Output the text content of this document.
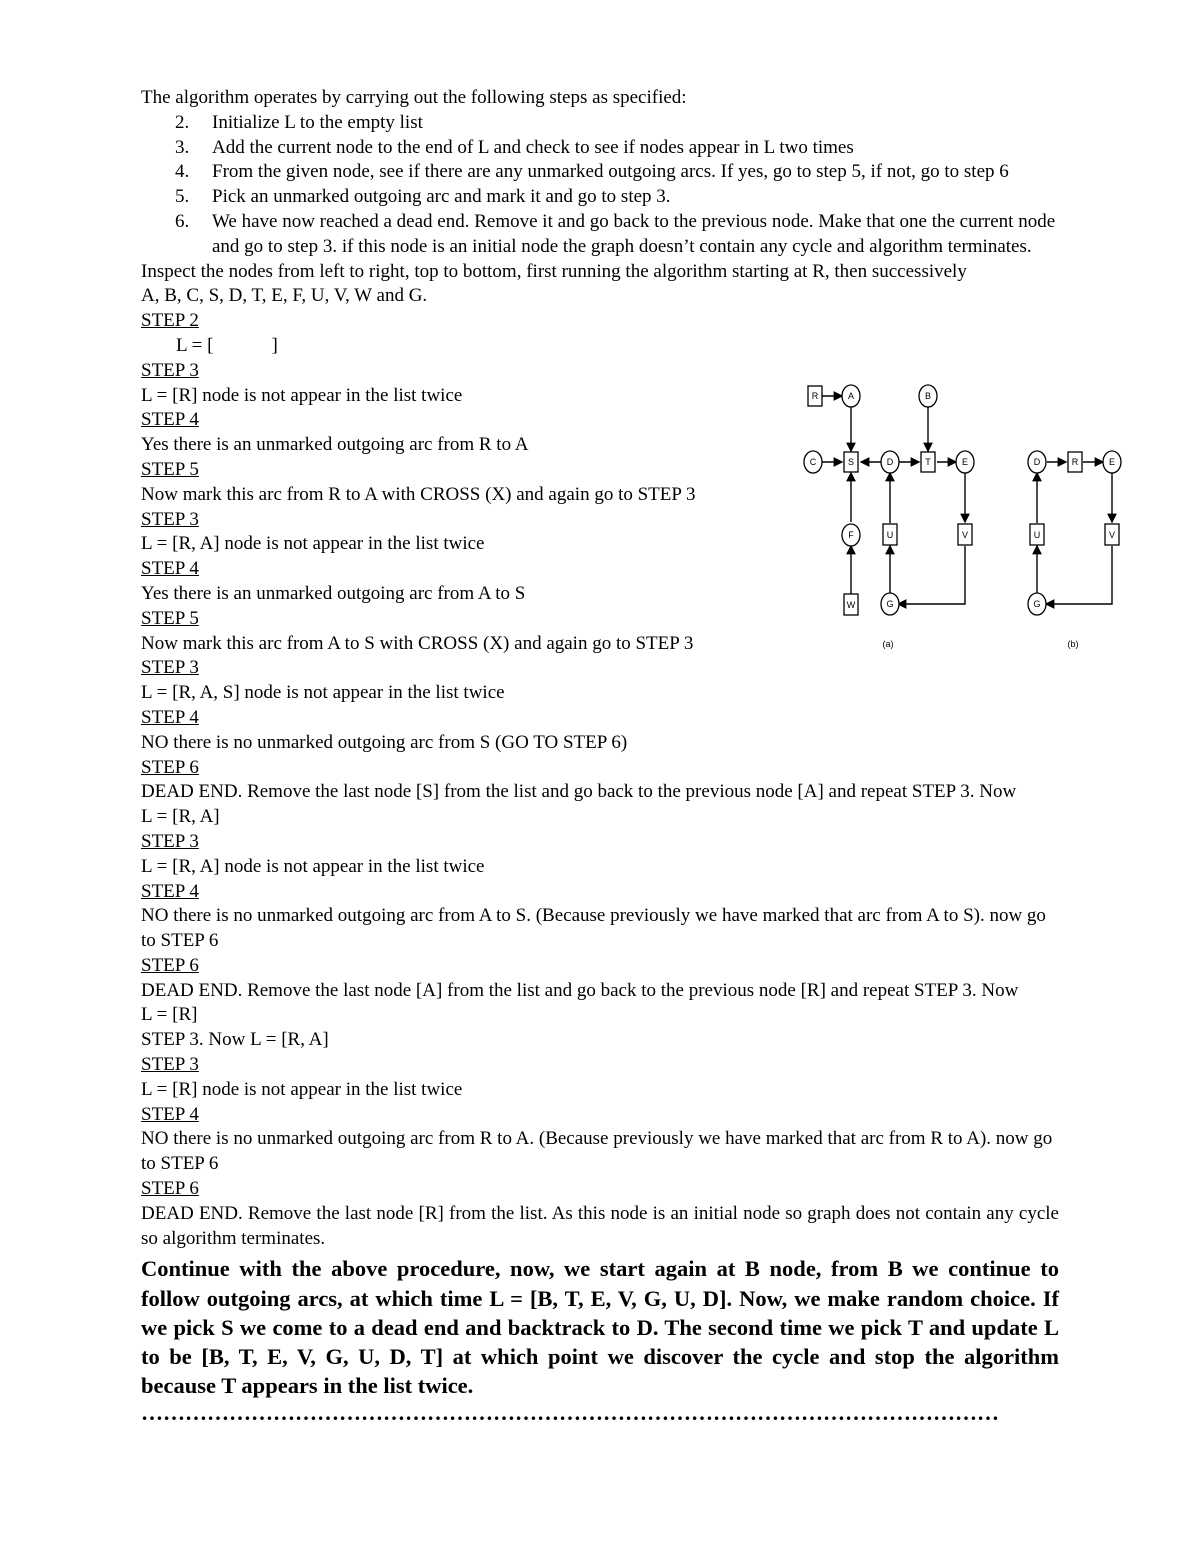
The algorithm operates by carrying out the following steps as specified:
2. Initialize L to the empty list
3. Add the current node to the end of L and check to see if nodes appear in L two times
4. From the given node, see if there are any unmarked outgoing arcs. If yes, go to step 5, if not, go to step 6
5. Pick an unmarked outgoing arc and mark it and go to step 3.
6. We have now reached a dead end. Remove it and go back to the previous node. Make that one the current node and go to step 3. if this node is an initial node the graph doesn’t contain any cycle and algorithm terminates.
Inspect the nodes from left to right, top to bottom, first running the algorithm starting at R, then successively A, B, C, S, D, T, E, F, U, V, W and G.
STEP 2
L = [	]
STEP 3
L = [R] node is not appear in the list twice
STEP 4
Yes there is an unmarked outgoing arc from R to A
STEP 5
Now mark this arc from R to A with CROSS (X) and again go to STEP 3
STEP 3
L = [R, A] node is not appear in the list twice
STEP 4
Yes there is an unmarked outgoing arc from A to S
STEP 5
Now mark this arc from A to S with CROSS (X) and again go to STEP 3
STEP 3
L = [R, A, S] node is not appear in the list twice
STEP 4
NO there is no unmarked outgoing arc from S (GO TO STEP 6)
STEP 6
DEAD END. Remove the last node [S] from the list and go back to the previous node [A] and repeat STEP 3. Now L = [R, A]
STEP 3
L = [R, A] node is not appear in the list twice
STEP 4
NO there is no unmarked outgoing arc from A to S. (Because previously we have marked that arc from A to S). now go to STEP 6
STEP 6
DEAD END. Remove the last node [A] from the list and go back to the previous node [R] and repeat STEP 3. Now L = [R]
STEP 3. Now L = [R, A]
STEP 3
L = [R] node is not appear in the list twice
STEP 4
NO there is no unmarked outgoing arc from R to A. (Because previously we have marked that arc from R to A). now go to STEP 6
STEP 6
DEAD END. Remove the last node [R] from the list. As this node is an initial node so graph does not contain any cycle so algorithm terminates.
Continue with the above procedure, now, we start again at B node, from B we continue to follow outgoing arcs, at which time L = [B, T, E, V, G, U, D]. Now, we make random choice. If we pick S we come to a dead end and backtrack to D. The second time we pick T and update L to be [B, T, E, V, G, U, D, T] at which point we discover the cycle and stop the algorithm because T appears in the list twice.
………………………………………………………………………………………………………
R	A	B
C	S	D	T	E
F	U	V
W	G
D	R	E
U	V
G
(a)	(b)
